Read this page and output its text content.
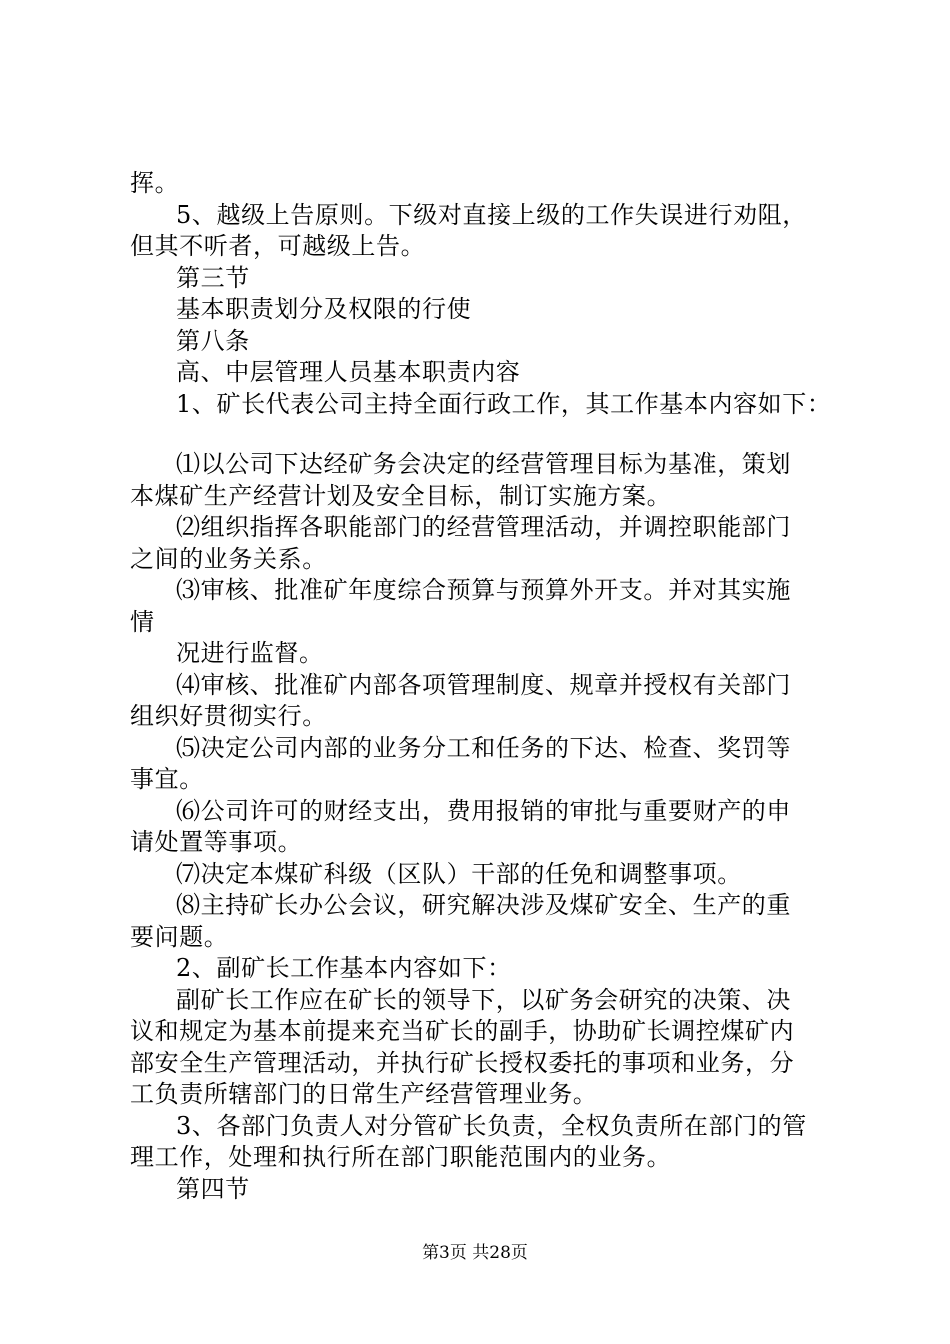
挥。
5、越级上告原则。下级对直接上级的工作失误进行劝阻，
但其不听者，可越级上告。
第三节
基本职责划分及权限的行使
第八条
高、中层管理人员基本职责内容
1、矿长代表公司主持全面行政工作，其工作基本内容如下：
⑴以公司下达经矿务会决定的经营管理目标为基准，策划
本煤矿生产经营计划及安全目标，制订实施方案。
⑵组织指挥各职能部门的经营管理活动，并调控职能部门
之间的业务关系。
⑶审核、批准矿年度综合预算与预算外开支。并对其实施
情
况进行监督。
⑷审核、批准矿内部各项管理制度、规章并授权有关部门
组织好贯彻实行。
⑸决定公司内部的业务分工和任务的下达、检查、奖罚等
事宜。
⑹公司许可的财经支出，费用报销的审批与重要财产的申
请处置等事项。
⑺决定本煤矿科级（区队）干部的任免和调整事项。
⑻主持矿长办公会议，研究解决涉及煤矿安全、生产的重
要问题。
2、副矿长工作基本内容如下：
副矿长工作应在矿长的领导下，以矿务会研究的决策、决
议和规定为基本前提来充当矿长的副手，协助矿长调控煤矿内
部安全生产管理活动，并执行矿长授权委托的事项和业务，分
工负责所辖部门的日常生产经营管理业务。
3、各部门负责人对分管矿长负责，全权负责所在部门的管
理工作，处理和执行所在部门职能范围内的业务。
第四节
第3页 共28页
